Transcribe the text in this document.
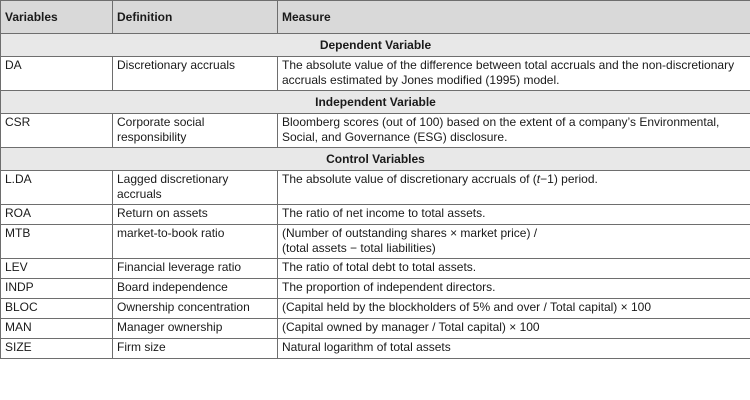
Variables	Definition	Measure
Dependent Variable		
DA	Discretionary accruals	The absolute value of the difference between total accruals and the non-discretionary accruals estimated by Jones modified (1995) model.
Independent Variable		
CSR	Corporate social responsibility	Bloomberg scores (out of 100) based on the extent of a company’s Environmental, Social, and Governance (ESG) disclosure.
Control Variables		
L.DA	Lagged discretionary accruals	The absolute value of discretionary accruals of (t−1) period.
ROA	Return on assets	The ratio of net income to total assets.
MTB	market-to-book ratio	(Number of outstanding shares × market price) /
(total assets − total liabilities)

LEV	Financial leverage ratio	The ratio of total debt to total assets.
INDP	Board independence	The proportion of independent directors.
BLOC	Ownership concentration	(Capital held by the blockholders of 5% and over / Total capital) × 100
MAN	Manager ownership	(Capital owned by manager / Total capital) × 100
SIZE	Firm size	Natural logarithm of total assets
